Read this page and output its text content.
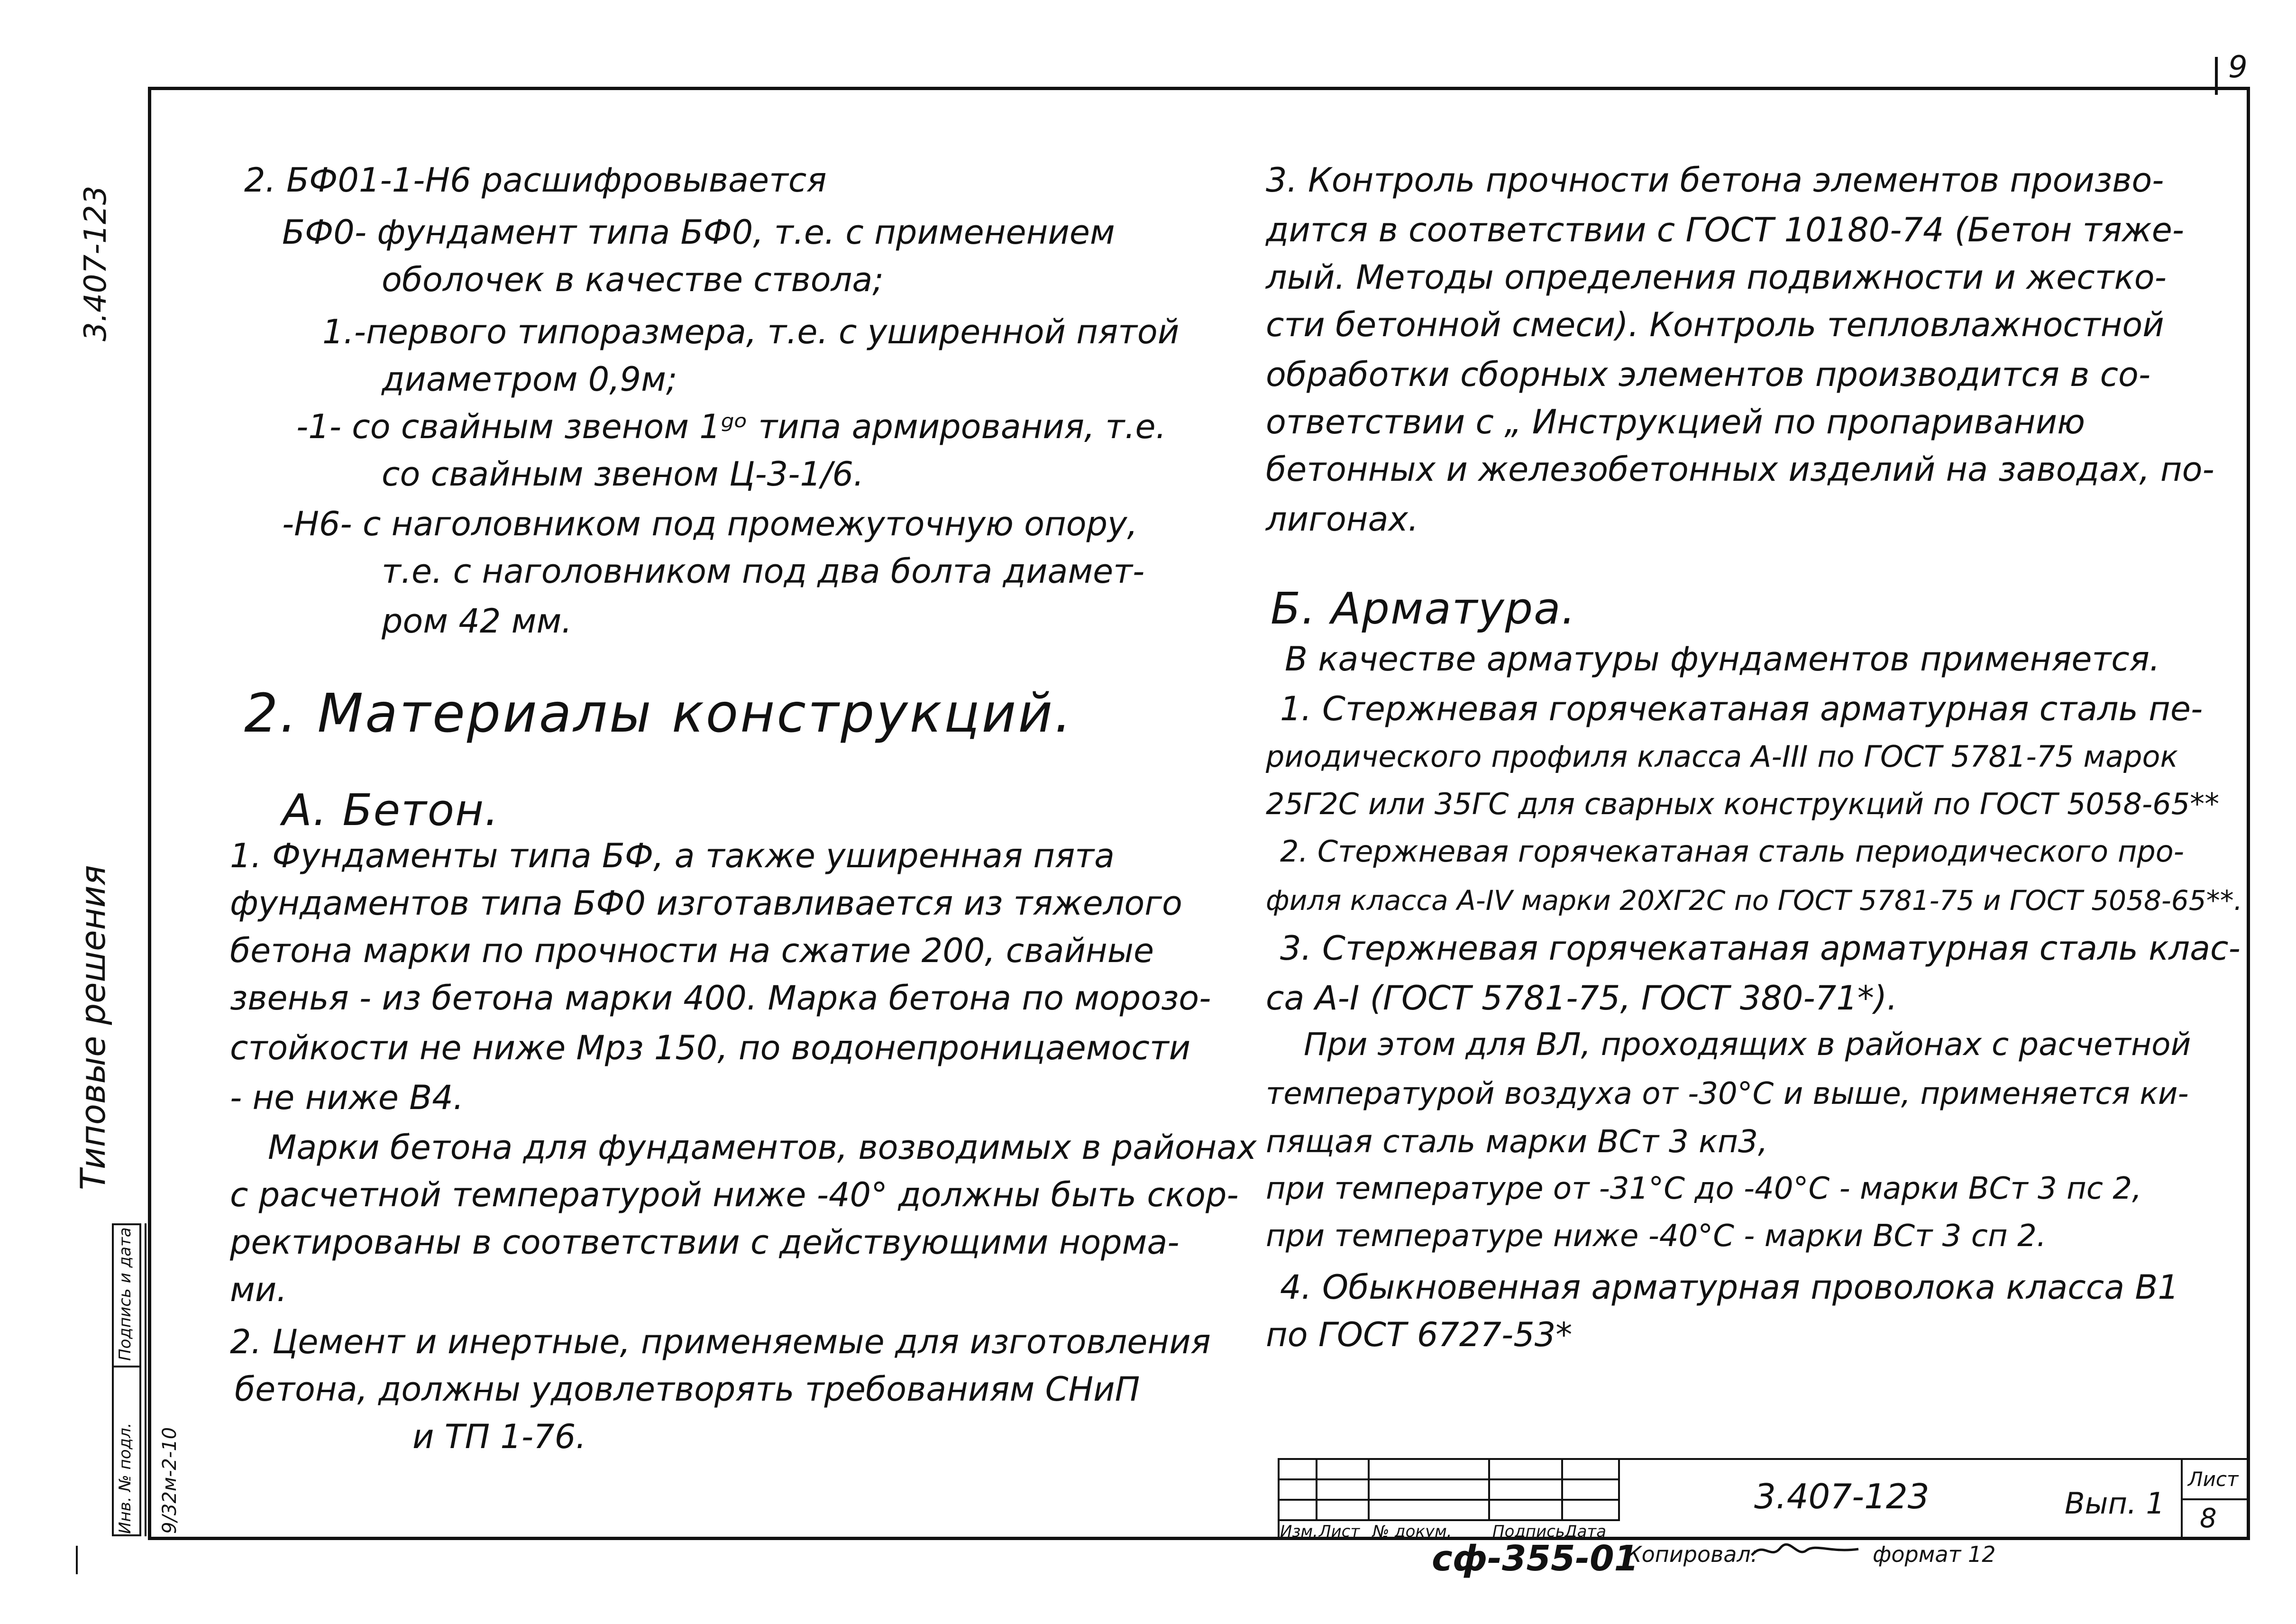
9
3.407-123
Типовые решения
Подпись и дата
Инв. № подл. 9/32м-2-10
2. БФ01-1-Н6 расшифровывается
БФ0- фундамент типа БФ0, т.е. с применением
оболочек в качестве ствола;
1.-первого типоразмера, т.е. с уширенной пятой
диаметром 0,9м;
-1- со свайным звеном 1ᵍᵒ типа армирования, т.е.
со свайным звеном Ц-3-1/6.
-Н6- с наголовником под промежуточную опору,
т.е. с наголовником под два болта диамет-
ром 42 мм.
2. Материалы конструкций.
А. Бетон.
1. Фундаменты типа БФ, а также уширенная пята
фундаментов типа БФ0 изготавливается из тяжелого
бетона марки по прочности на сжатие 200, свайные
звенья - из бетона марки 400. Марка бетона по морозо-
стойкости не ниже Мрз 150, по водонепроницаемости
- не ниже В4.
Марки бетона для фундаментов, возводимых в районах
с расчетной температурой ниже -40° должны быть скор-
ректированы в соответствии с действующими норма-
ми.
2. Цемент и инертные, применяемые для изготовления
бетона, должны удовлетворять требованиям СНиП
и ТП 1-76.
3. Контроль прочности бетона элементов произво-
дится в соответствии с ГОСТ 10180-74 (Бетон тяже-
лый. Методы определения подвижности и жестко-
сти бетонной смеси). Контроль тепловлажностной
обработки сборных элементов производится в со-
ответствии с „ Инструкцией по пропариванию
бетонных и железобетонных изделий на заводах, по-
лигонах.
Б. Арматура.
В качестве арматуры фундаментов применяется.
1. Стержневая горячекатаная арматурная сталь пе-
риодического профиля класса А-III по ГОСТ 5781-75 марок
25Г2С или 35ГС для сварных конструкций по ГОСТ 5058-65**
2. Стержневая горячекатаная сталь периодического про-
филя класса А-IV марки 20ХГ2С по ГОСТ 5781-75 и ГОСТ 5058-65**.
3. Стержневая горячекатаная арматурная сталь клас-
са А-I (ГОСТ 5781-75, ГОСТ 380-71*).
При этом для ВЛ, проходящих в районах с расчетной
температурой воздуха от -30°С и выше, применяется ки-
пящая сталь марки ВСт 3 кп3,
при температуре от -31°С до -40°С - марки ВСт 3 пс 2,
при температуре ниже -40°С - марки ВСт 3 сп 2.
4. Обыкновенная арматурная проволока класса В1
по ГОСТ 6727-53*

Изм. Лист № докум.	Подпись Дата
3.407-123	Вып. 1
Лист
8
сф-355-01
Копировал:	формат 12
